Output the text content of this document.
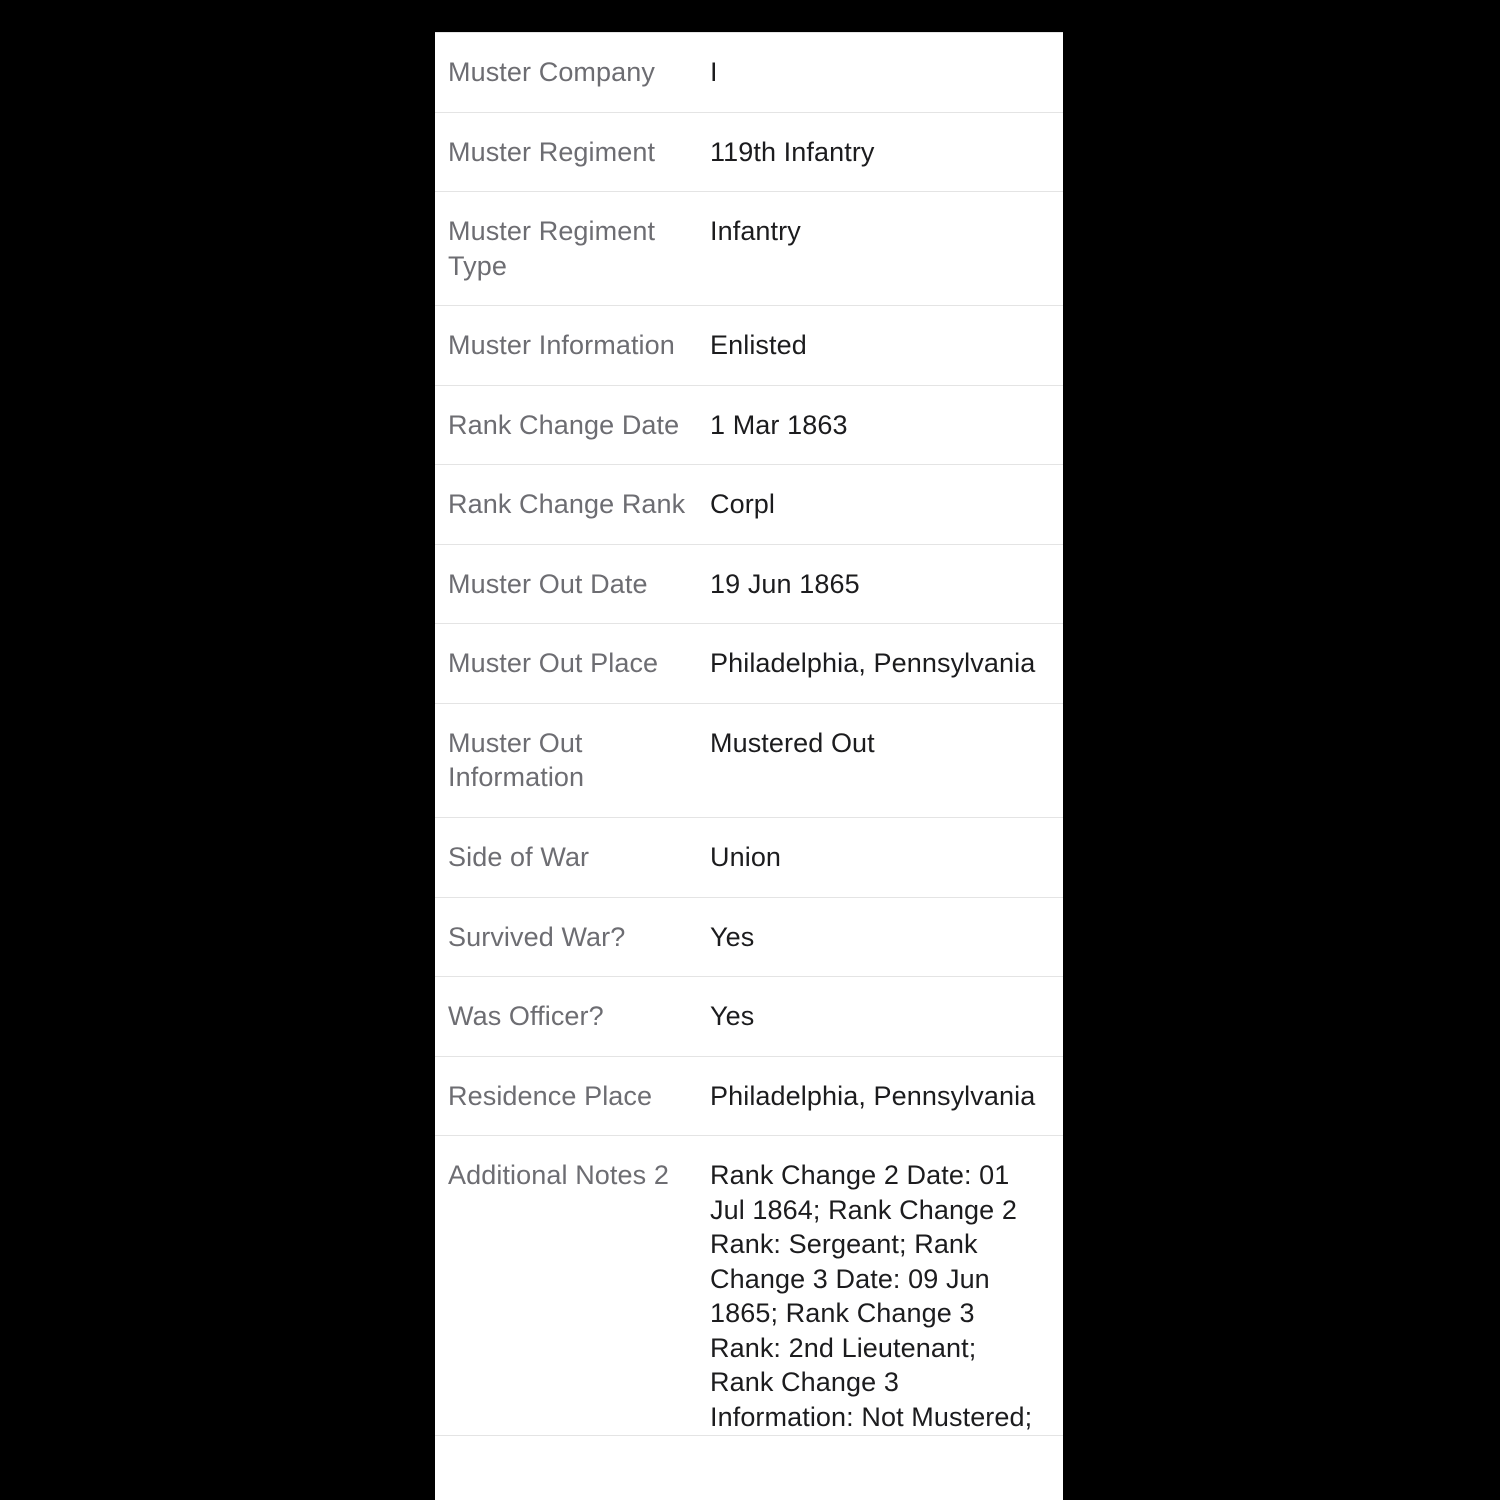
Muster Company	I
Muster Regiment	119th Infantry
Muster Regiment Type	Infantry
Muster Information	Enlisted
Rank Change Date	1 Mar 1863
Rank Change Rank	Corpl
Muster Out Date	19 Jun 1865
Muster Out Place	Philadelphia, Pennsylvania
Muster Out Information	Mustered Out
Side of War	Union
Survived War?	Yes
Was Officer?	Yes
Residence Place	Philadelphia, Pennsylvania
Additional Notes 2	Rank Change 2 Date: 01 Jul 1864; Rank Change 2 Rank: Sergeant; Rank Change 3 Date: 09 Jun 1865; Rank Change 3 Rank: 2nd Lieutenant; Rank Change 3 Information: Not Mustered;
